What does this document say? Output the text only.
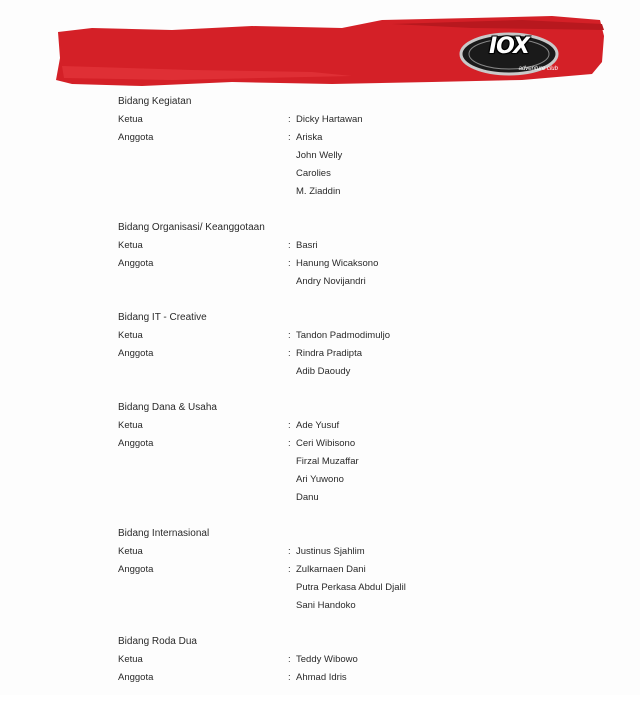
IOX
adventure club
Bidang Kegiatan
Ketua	: Dicky Hartawan
Anggota	: Ariska
John Welly
Carolies
M. Ziaddin
Bidang Organisasi/ Keanggotaan
Ketua	: Basri
Anggota	: Hanung Wicaksono
Andry Novijandri
Bidang IT - Creative
Ketua	: Tandon Padmodimuljo
Anggota	: Rindra Pradipta
Adib Daoudy
Bidang Dana & Usaha
Ketua	: Ade Yusuf
Anggota	: Ceri Wibisono
Firzal Muzaffar
Ari Yuwono
Danu
Bidang Internasional
Ketua	: Justinus Sjahlim
Anggota	: Zulkarnaen Dani
Putra Perkasa Abdul Djalil
Sani Handoko
Bidang Roda Dua
Ketua	: Teddy Wibowo
Anggota	: Ahmad Idris
